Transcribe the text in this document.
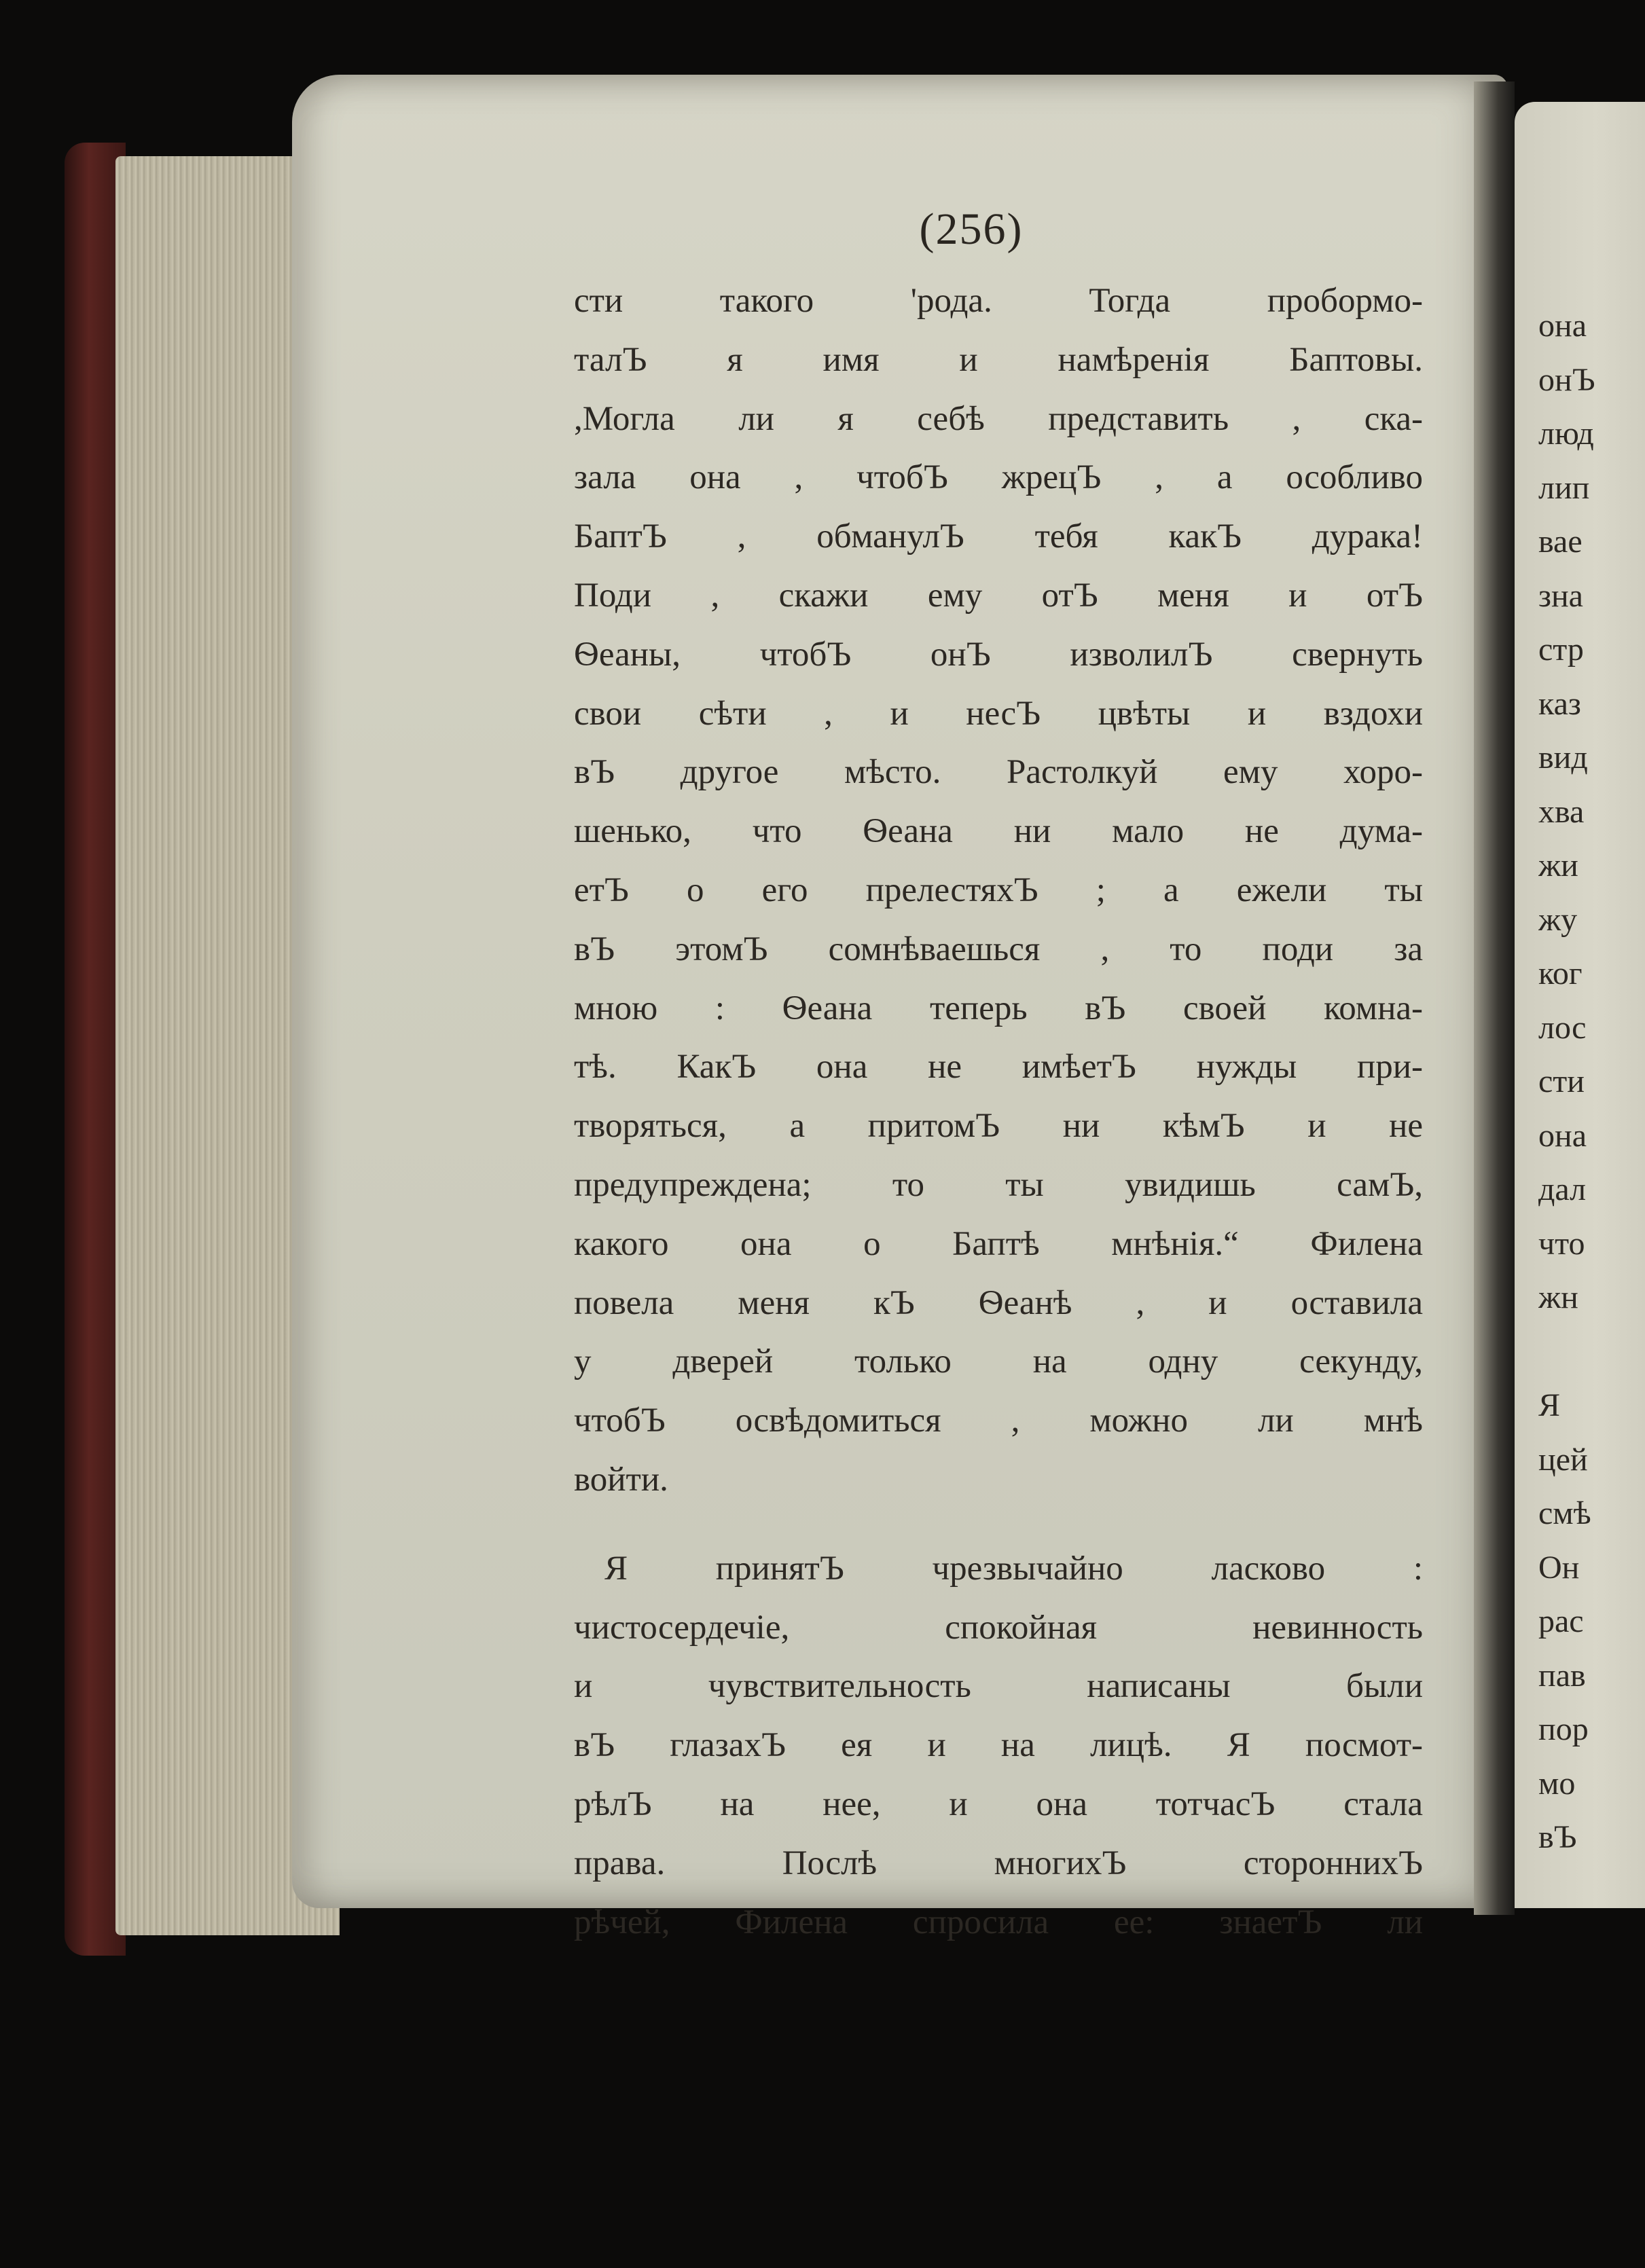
(256)
сти такого 'рода. Тогда пробормо-
талЪ я имя и намѣренія Баптовы.
,Могла ли я себѣ представить , ска-
зала она , чтобЪ жрецЪ , а особливо
БаптЪ , обманулЪ тебя какЪ дурака!
Поди , скажи ему отЪ меня и отЪ
Ѳеаны, чтобЪ онЪ изволилЪ свернуть
свои сѣти , и несЪ цвѣты и вздохи
вЪ другое мѣсто. Растолкуй ему хоро-
шенько, что Ѳеана ни мало не дума-
етЪ о его прелестяхЪ ; а ежели ты
вЪ этомЪ сомнѣваешься , то поди за
мною : Ѳеана теперь вЪ своей комна-
тѣ. КакЪ она не имѣетЪ нужды при-
творяться, а притомЪ ни кѣмЪ и не
предупреждена; то ты увидишь самЪ,
какого она о Баптѣ мнѣнія.“ Филена
повела меня кЪ Ѳеанѣ , и оставила
у дверей только на одну секунду,
чтобЪ освѣдомиться , можно ли мнѣ
войти.
Я принятЪ чрезвычайно ласково :
чистосердечіе, спокойная невинность
и чувствительность написаны были
вЪ глазахЪ ея и на лицѣ. Я посмот-
рѣлЪ на нее, и она тотчасЪ стала
права. Послѣ многихЪ стороннихЪ
рѣчей, Филена спросила ее: знаетЪ ли
она
онЪ
люд
лип
вае
зна
стр
каз
вид
хва
жи
жу
ког
лос
сти
она
дал
что
жн
Я
цей
смѣ
Он
рас
пав
пор
мо
вЪ
